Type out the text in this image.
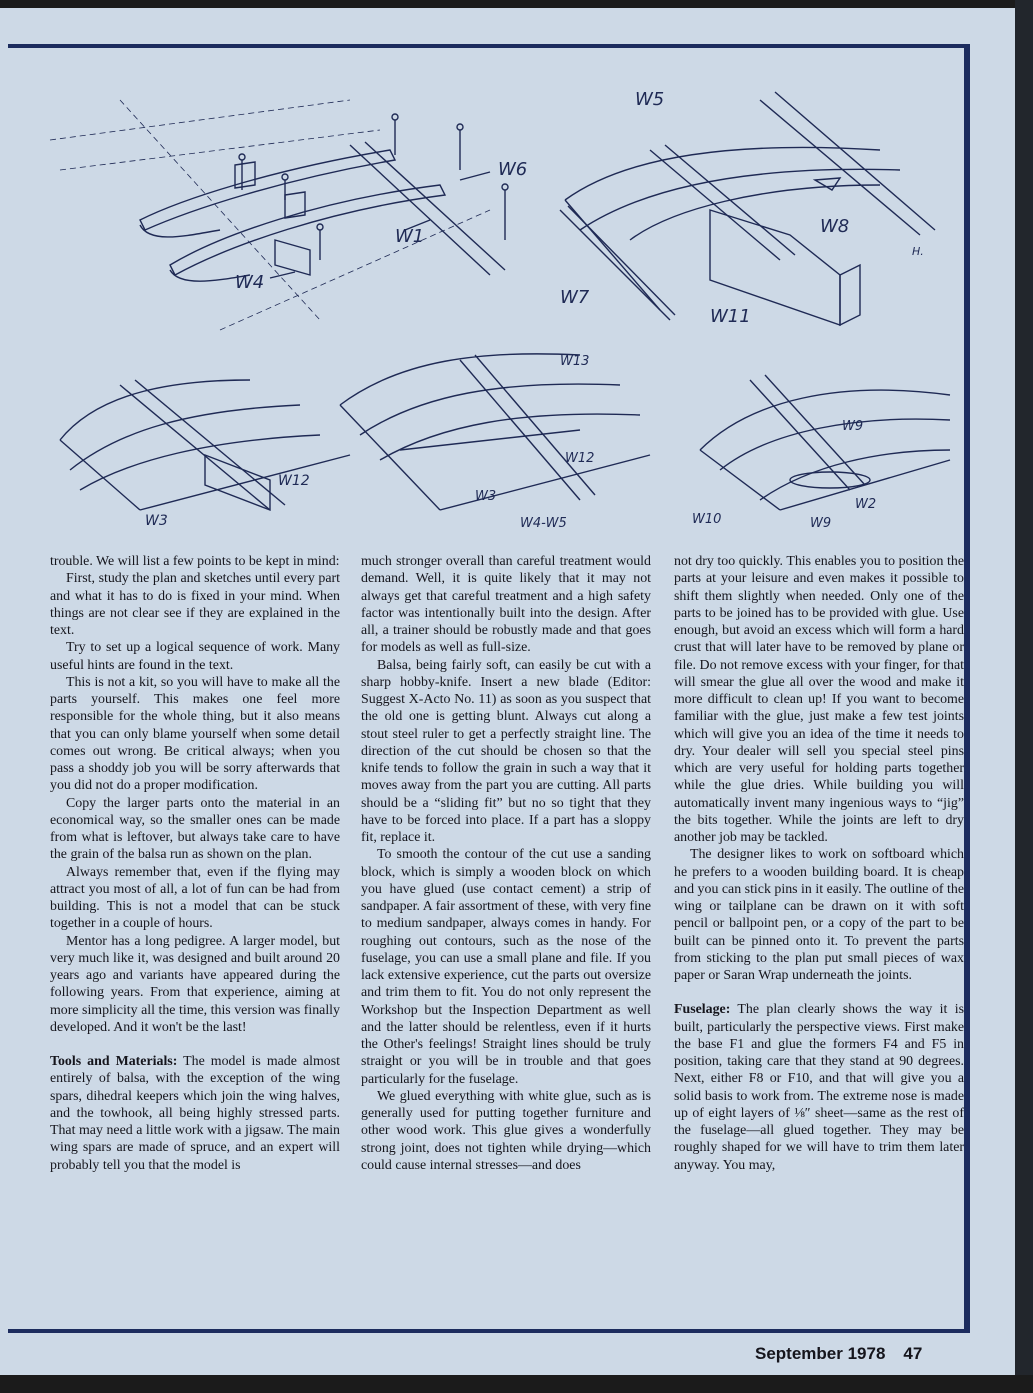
W6
W1
W4
W5
W8
W7
W11
H.
W12
W3
W13
W12
W3
W4-W5
W9
W2
W10	W9

trouble. We will list a few points to be kept in mind:

First, study the plan and sketches until every part and what it has to do is fixed in your mind. When things are not clear see if they are explained in the text.

Try to set up a logical sequence of work. Many useful hints are found in the text.

This is not a kit, so you will have to make all the parts yourself. This makes one feel more responsible for the whole thing, but it also means that you can only blame yourself when some detail comes out wrong. Be critical always; when you pass a shoddy job you will be sorry afterwards that you did not do a proper modification.

Copy the larger parts onto the material in an economical way, so the smaller ones can be made from what is leftover, but always take care to have the grain of the balsa run as shown on the plan.

Always remember that, even if the flying may attract you most of all, a lot of fun can be had from building. This is not a model that can be stuck together in a couple of hours.

Mentor has a long pedigree. A larger model, but very much like it, was designed and built around 20 years ago and variants have appeared during the following years. From that experience, aiming at more simplicity all the time, this version was finally developed. And it won't be the last!

Tools and Materials: The model is made almost entirely of balsa, with the exception of the wing spars, dihedral keepers which join the wing halves, and the towhook, all being highly stressed parts. That may need a little work with a jigsaw. The main wing spars are made of spruce, and an expert will probably tell you that the model is

much stronger overall than careful treatment would demand. Well, it is quite likely that it may not always get that careful treatment and a high safety factor was intentionally built into the design. After all, a trainer should be robustly made and that goes for models as well as full-size.

Balsa, being fairly soft, can easily be cut with a sharp hobby-knife. Insert a new blade (Editor: Suggest X-Acto No. 11) as soon as you suspect that the old one is getting blunt. Always cut along a stout steel ruler to get a perfectly straight line. The direction of the cut should be chosen so that the knife tends to follow the grain in such a way that it moves away from the part you are cutting. All parts should be a “sliding fit” but no so tight that they have to be forced into place. If a part has a sloppy fit, replace it.

To smooth the contour of the cut use a sanding block, which is simply a wooden block on which you have glued (use contact cement) a strip of sandpaper. A fair assortment of these, with very fine to medium sandpaper, always comes in handy. For roughing out contours, such as the nose of the fuselage, you can use a small plane and file. If you lack extensive experience, cut the parts out oversize and trim them to fit. You do not only represent the Workshop but the Inspection Department as well and the latter should be relentless, even if it hurts the Other's feelings! Straight lines should be truly straight or you will be in trouble and that goes particularly for the fuselage.

We glued everything with white glue, such as is generally used for putting together furniture and other wood work. This glue gives a wonderfully strong joint, does not tighten while drying—which could cause internal stresses—and does

not dry too quickly. This enables you to position the parts at your leisure and even makes it possible to shift them slightly when needed. Only one of the parts to be joined has to be provided with glue. Use enough, but avoid an excess which will form a hard crust that will later have to be removed by plane or file. Do not remove excess with your finger, for that will smear the glue all over the wood and make it more difficult to clean up! If you want to become familiar with the glue, just make a few test joints which will give you an idea of the time it needs to dry. Your dealer will sell you special steel pins which are very useful for holding parts together while the glue dries. While building you will automatically invent many ingenious ways to “jig” the bits together. While the joints are left to dry another job may be tackled.

The designer likes to work on softboard which he prefers to a wooden building board. It is cheap and you can stick pins in it easily. The outline of the wing or tailplane can be drawn on it with soft pencil or ballpoint pen, or a copy of the part to be built can be pinned onto it. To prevent the parts from sticking to the plan put small pieces of wax paper or Saran Wrap underneath the joints.

Fuselage: The plan clearly shows the way it is built, particularly the perspective views. First make the base F1 and glue the formers F4 and F5 in position, taking care that they stand at 90 degrees. Next, either F8 or F10, and that will give you a solid basis to work from. The extreme nose is made up of eight layers of ⅛″ sheet—same as the rest of the fuselage—all glued together. They may be roughly shaped for we will have to trim them later anyway. You may,

September 1978 47
